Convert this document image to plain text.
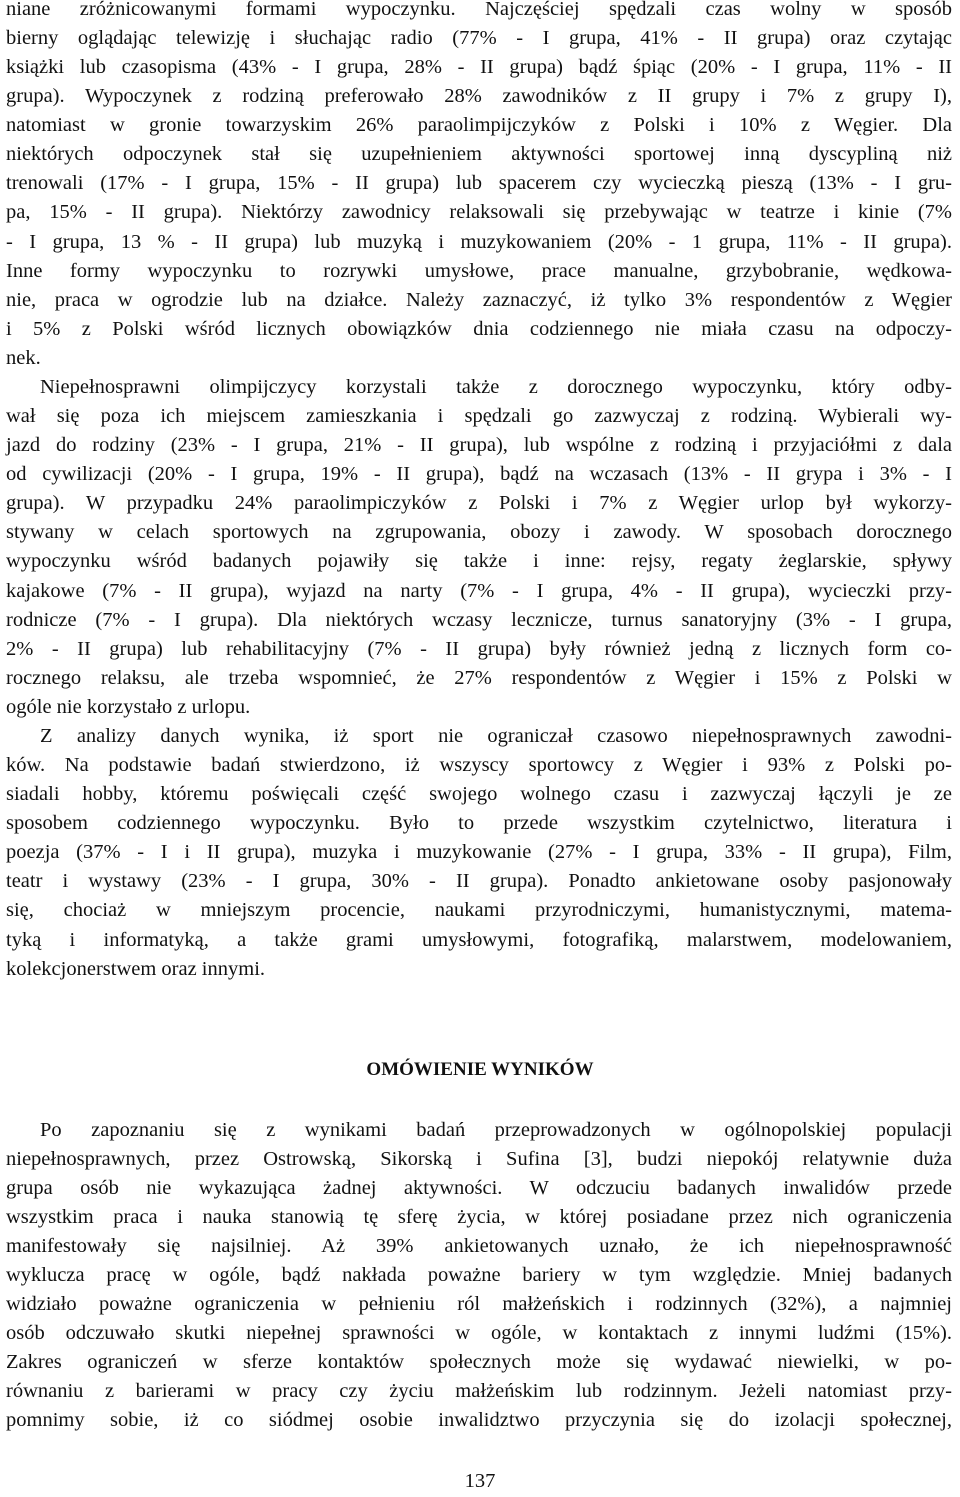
niane zróżnicowanymi formami wypoczynku. Najczęściej spędzali czas wolny w sposób
bierny oglądając telewizję i słuchając radio (77% - I grupa, 41% - II grupa) oraz czytając
książki lub czasopisma (43% - I grupa, 28% - II grupa) bądź śpiąc (20% - I grupa, 11% - II
grupa). Wypoczynek z rodziną preferowało 28% zawodników z II grupy i 7% z grupy I),
natomiast w gronie towarzyskim 26% paraolimpijczyków z Polski i 10% z Węgier. Dla
niektórych odpoczynek stał się uzupełnieniem aktywności sportowej inną dyscypliną niż
trenowali (17% - I grupa, 15% - II grupa) lub spacerem czy wycieczką pieszą (13% - I gru-
pa, 15% - II grupa). Niektórzy zawodnicy relaksowali się przebywając w teatrze i kinie (7%
- I grupa, 13 % - II grupa) lub muzyką i muzykowaniem (20% - 1 grupa, 11% - II grupa).
Inne formy wypoczynku to rozrywki umysłowe, prace manualne, grzybobranie, wędkowa-
nie, praca w ogrodzie lub na działce. Należy zaznaczyć, iż tylko 3% respondentów z Węgier
i 5% z Polski wśród licznych obowiązków dnia codziennego nie miała czasu na odpoczy-
nek.
Niepełnosprawni olimpijczycy korzystali także z dorocznego wypoczynku, który odby-
wał się poza ich miejscem zamieszkania i spędzali go zazwyczaj z rodziną. Wybierali wy-
jazd do rodziny (23% - I grupa, 21% - II grupa), lub wspólne z rodziną i przyjaciółmi z dala
od cywilizacji (20% - I grupa, 19% - II grupa), bądź na wczasach (13% - II grypa i 3% - I
grupa). W przypadku 24% paraolimpiczyków z Polski i 7% z Węgier urlop był wykorzy-
stywany w celach sportowych na zgrupowania, obozy i zawody. W sposobach dorocznego
wypoczynku wśród badanych pojawiły się także i inne: rejsy, regaty żeglarskie, spływy
kajakowe (7% - II grupa), wyjazd na narty (7% - I grupa, 4% - II grupa), wycieczki przy-
rodnicze (7% - I grupa). Dla niektórych wczasy lecznicze, turnus sanatoryjny (3% - I grupa,
2% - II grupa) lub rehabilitacyjny (7% - II grupa) były również jedną z licznych form co-
rocznego relaksu, ale trzeba wspomnieć, że 27% respondentów z Węgier i 15% z Polski w
ogóle nie korzystało z urlopu.
Z analizy danych wynika, iż sport nie ograniczał czasowo niepełnosprawnych zawodni-
ków. Na podstawie badań stwierdzono, iż wszyscy sportowcy z Węgier i 93% z Polski po-
siadali hobby, któremu poświęcali część swojego wolnego czasu i zazwyczaj łączyli je ze
sposobem codziennego wypoczynku. Było to przede wszystkim czytelnictwo, literatura i
poezja (37% - I i II grupa), muzyka i muzykowanie (27% - I grupa, 33% - II grupa), Film,
teatr i wystawy (23% - I grupa, 30% - II grupa). Ponadto ankietowane osoby pasjonowały
się, chociaż w mniejszym procencie, naukami przyrodniczymi, humanistycznymi, matema-
tyką i informatyką, a także grami umysłowymi, fotografiką, malarstwem, modelowaniem,
kolekcjonerstwem oraz innymi.
OMÓWIENIE WYNIKÓW
Po zapoznaniu się z wynikami badań przeprowadzonych w ogólnopolskiej populacji
niepełnosprawnych, przez Ostrowską, Sikorską i Sufina [3], budzi niepokój relatywnie duża
grupa osób nie wykazująca żadnej aktywności. W odczuciu badanych inwalidów przede
wszystkim praca i nauka stanowią tę sferę życia, w której posiadane przez nich ograniczenia
manifestowały się najsilniej. Aż 39% ankietowanych uznało, że ich niepełnosprawność
wyklucza pracę w ogóle, bądź nakłada poważne bariery w tym względzie. Mniej badanych
widziało poważne ograniczenia w pełnieniu ról małżeńskich i rodzinnych (32%), a najmniej
osób odczuwało skutki niepełnej sprawności w ogóle, w kontaktach z innymi ludźmi (15%).
Zakres ograniczeń w sferze kontaktów społecznych może się wydawać niewielki, w po-
równaniu z barierami w pracy czy życiu małżeńskim lub rodzinnym. Jeżeli natomiast przy-
pomnimy sobie, iż co siódmej osobie inwalidztwo przyczynia się do izolacji społecznej,
137
